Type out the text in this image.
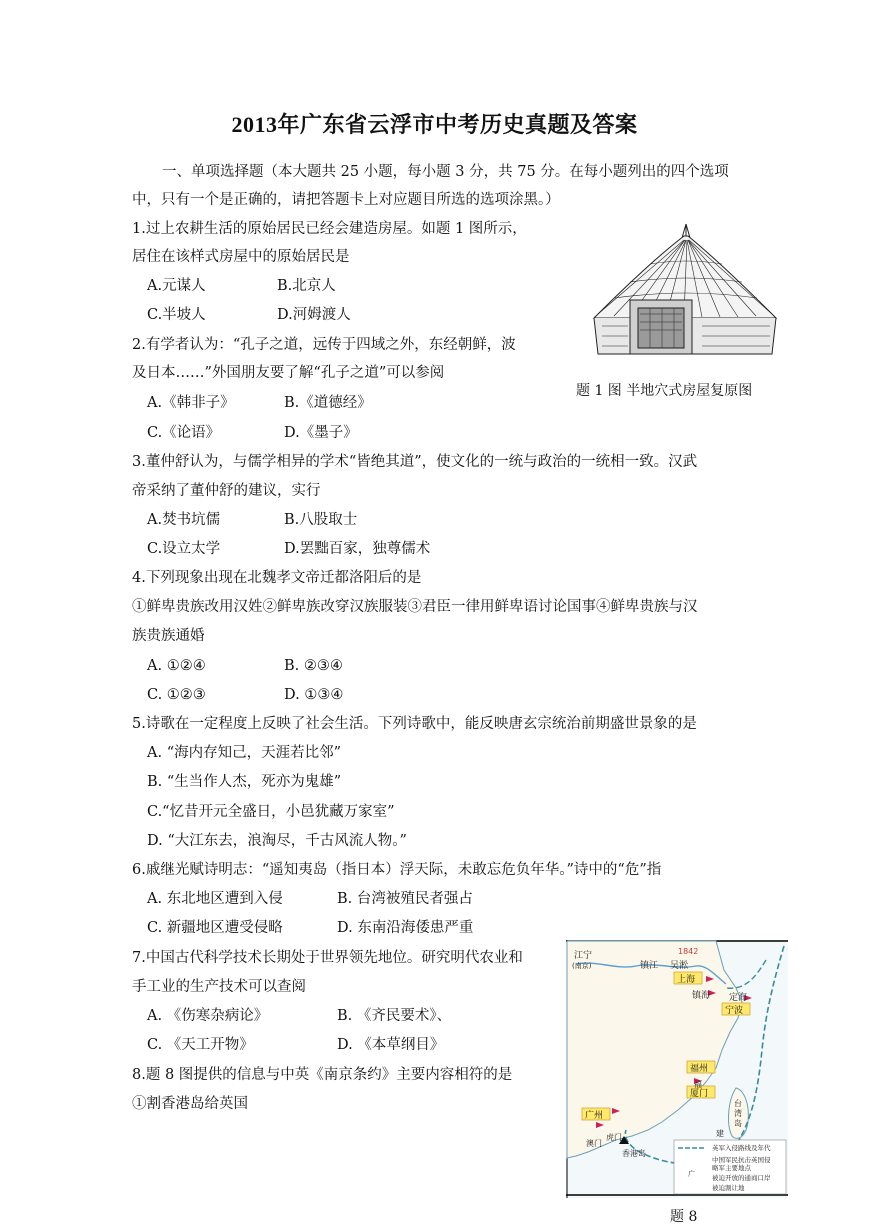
2013年广东省云浮市中考历史真题及答案
一、单项选择题（本大题共 25 小题，每小题 3 分，共 75 分。在每小题列出的四个选项
中，只有一个是正确的，请把答题卡上对应题目所选的选项涂黑。）
1.过上农耕生活的原始居民已经会建造房屋。如题 1 图所示，
居住在该样式房屋中的原始居民是
A.元谋人	B.北京人
C.半坡人	D.河姆渡人
题 1 图 半地穴式房屋复原图
2.有学者认为：“孔子之道，远传于四域之外，东经朝鲜，波
及日本……”外国朋友要了解“孔子之道”可以参阅
A.《韩非子》	B.《道德经》
C.《论语》	D.《墨子》
3.董仲舒认为，与儒学相异的学术“皆绝其道”，使文化的一统与政治的一统相一致。汉武
帝采纳了董仲舒的建议，实行
A.焚书坑儒	B.八股取士
C.设立太学	D.罢黜百家，独尊儒术
4.下列现象出现在北魏孝文帝迁都洛阳后的是
①鲜卑贵族改用汉姓②鲜卑族改穿汉族服装③君臣一律用鲜卑语讨论国事④鲜卑贵族与汉
族贵族通婚
A. ①②④	B. ②③④
C. ①②③	D. ①③④
5.诗歌在一定程度上反映了社会生活。下列诗歌中，能反映唐玄宗统治前期盛世景象的是
A. “海内存知己，天涯若比邻”
B. “生当作人杰，死亦为鬼雄”
C.“忆昔开元全盛日，小邑犹藏万家室”
D. “大江东去，浪淘尽，千古风流人物。”
6.戚继光赋诗明志：“遥知夷岛（指日本）浮天际，未敢忘危负年华。”诗中的“危”指
A. 东北地区遭到入侵	B. 台湾被殖民者强占
C. 新疆地区遭受侵略	D. 东南沿海倭患严重
7.中国古代科学技术长期处于世界领先地位。研究明代农业和
手工业的生产技术可以查阅
A. 《伤寒杂病论》	B. 《齐民要术》、
C. 《天工开物》	D. 《本草纲目》
8.题 8 图提供的信息与中英《南京条约》主要内容相符的是
①割香港岛给英国
江宁
(南京)	镇江 吴淞
1842
上海
镇海 定海
宁波
福州
福
厦门
台
湾
岛
建
广州
虎门
澳门
香港岛
英军入侵路线及年代
中国军民抗击英国侵
略军主要地点
被迫开放的通商口岸
被迫割让地
广
题 8
